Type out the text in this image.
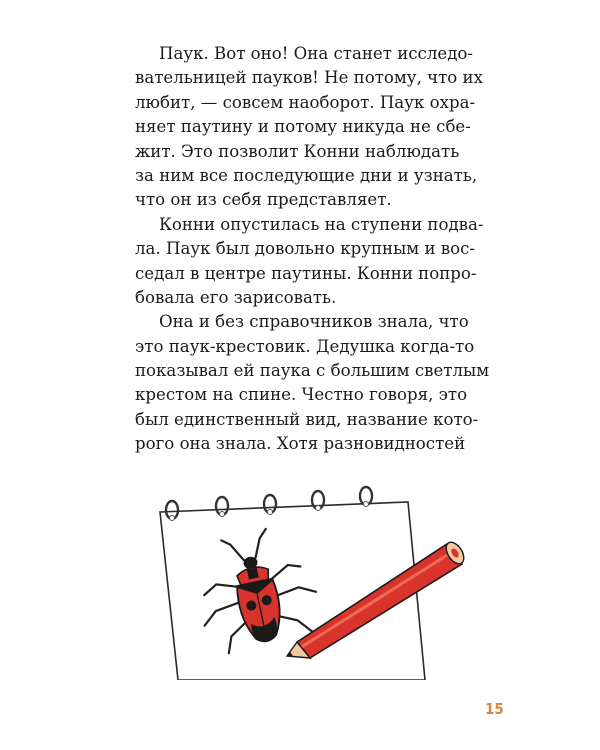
Паук. Вот оно! Она станет исследо-
вательницей пауков! Не потому, что их
любит, — совсем наоборот. Паук охра-
няет паутину и потому никуда не сбе-
жит. Это позволит Конни наблюдать
за ним все последующие дни и узнать,
что он из себя представляет.
Конни опустилась на ступени подва-
ла. Паук был довольно крупным и вос-
седал в центре паутины. Конни попро-
бовала его зарисовать.
Она и без справочников знала, что
это паук-крестовик. Дедушка когда-то
показывал ей паука с большим светлым
крестом на спине. Честно говоря, это
был единственный вид, название кото-
рого она знала. Хотя разновидностей
15
